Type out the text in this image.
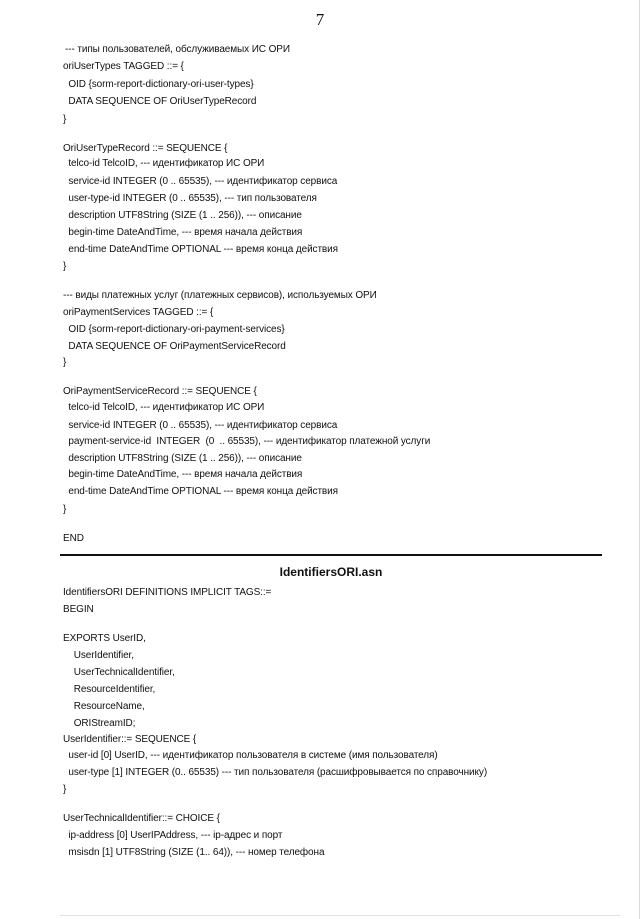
7
--- типы пользователей, обслуживаемых ИС ОРИ
oriUserTypes TAGGED ::= {
OID {sorm-report-dictionary-ori-user-types}
DATA SEQUENCE OF OriUserTypeRecord
}
OriUserTypeRecord ::= SEQUENCE {
telco-id TelcoID, --- идентификатор ИС ОРИ
service-id INTEGER (0 .. 65535), --- идентификатор сервиса
user-type-id INTEGER (0 .. 65535), --- тип пользователя
description UTF8String (SIZE (1 .. 256)), --- описание
begin-time DateAndTime, --- время начала действия
end-time DateAndTime OPTIONAL --- время конца действия
}
--- виды платежных услуг (платежных сервисов), используемых ОРИ
oriPaymentServices TAGGED ::= {
OID {sorm-report-dictionary-ori-payment-services}
DATA SEQUENCE OF OriPaymentServiceRecord
}
OriPaymentServiceRecord ::= SEQUENCE {
telco-id TelcoID, --- идентификатор ИС ОРИ
service-id INTEGER (0 .. 65535), --- идентификатор сервиса
payment-service-id  INTEGER  (0  .. 65535), --- идентификатор платежной услуги
description UTF8String (SIZE (1 .. 256)), --- описание
begin-time DateAndTime, --- время начала действия
end-time DateAndTime OPTIONAL --- время конца действия
}
END
IdentifiersORI.asn
IdentifiersORI DEFINITIONS IMPLICIT TAGS::=
BEGIN
EXPORTS UserID,
UserIdentifier,
UserTechnicalIdentifier,
ResourceIdentifier,
ResourceName,
ORIStreamID;
UserIdentifier::= SEQUENCE {
user-id [0] UserID, --- идентификатор пользователя в системе (имя пользователя)
user-type [1] INTEGER (0.. 65535) --- тип пользователя (расшифровывается по справочнику)
}
UserTechnicalIdentifier::= CHOICE {
ip-address [0] UserIPAddress, --- ip-адрес и порт
msisdn [1] UTF8String (SIZE (1.. 64)), --- номер телефона
